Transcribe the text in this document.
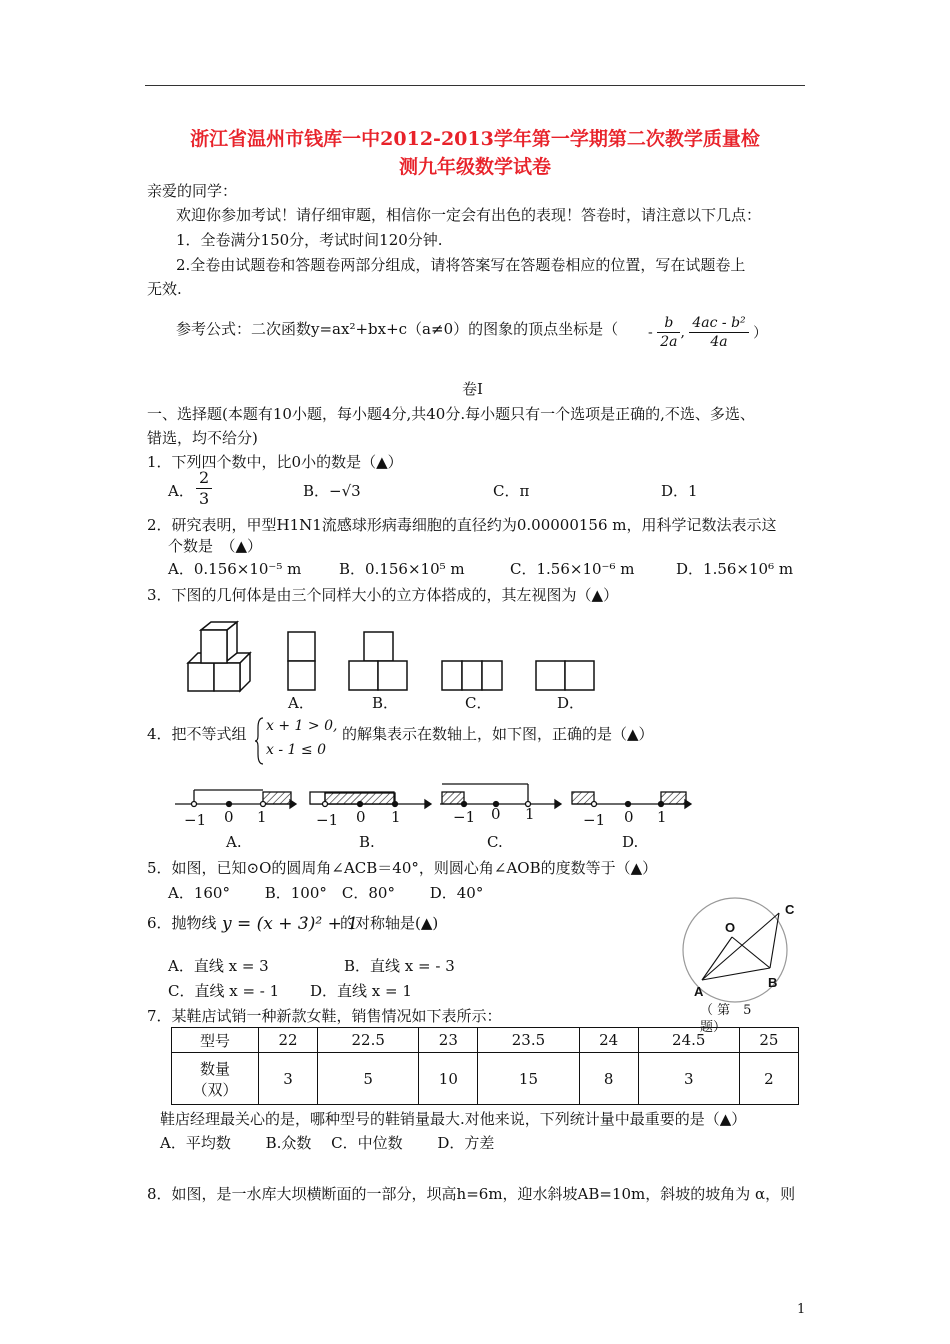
浙江省温州市钱库一中2012-2013学年第一学期第二次教学质量检
测九年级数学试卷
亲爱的同学：
欢迎你参加考试！请仔细审题，相信你一定会有出色的表现！答卷时，请注意以下几点：
1．全卷满分150分，考试时间120分钟.
2.全卷由试题卷和答题卷两部分组成，请将答案写在答题卷相应的位置，写在试题卷上
无效.
参考公式：二次函数y=ax²+bx+c（a≠0）的图象的顶点坐标是（ - $\frac{b}{2a}$ , $\frac{\text{4ac - b²}}{4a}$ ）
卷I
一、选择题(本题有10小题，每小题4分,共40分.每小题只有一个选项是正确的,不选、多选、
错选，均不给分)
1．下列四个数中，比0小的数是（▲）
A． $\frac{2}{3}$	B．−√3	C．π	D．1
2．研究表明，甲型H1N1流感球形病毒细胞的直径约为0.00000156 m，用科学记数法表示这
个数是　（▲）
A．0.156×10⁻⁵ m	B．0.156×10⁵ m	C．1.56×10⁻⁶ m	D．1.56×10⁶ m
3．下图的几何体是由三个同样大小的立方体搭成的，其左视图为（▲）
A．	B．	C．	D．
4．把不等式组 x + 1 > 0,
x - 1 ≤ 0
的解集表示在数轴上，如下图，正确的是（▲）
−1 0 1	−1 0 1	−1 0 1	−1 0 1
A.	B.	C.	D.
5．如图，已知⊙O的圆周角∠ACB＝40°，则圆心角∠AOB的度数等于（▲）
A．160°　　 B．100°　C．80°　　 D．40°
6．抛物线 y = (x + 3)² + 1
的对称轴是(▲)
A．直线 x = 3	B．直线 x = - 3
C．直线 x = - 1 D．直线 x = 1
O
C
A
B
（ 第　5
题）
7．某鞋店试销一种新款女鞋，销售情况如下表所示：
型号	22	22.5	23	23.5	24	24.5	25

数量
（双）	3	5	10	15	8	3	2
鞋店经理最关心的是，哪种型号的鞋销量最大.对他来说，下列统计量中最重要的是（▲）
A．平均数　　 B.众数　 C．中位数　　 D．方差
8．如图，是一水库大坝横断面的一部分，坝高h=6m，迎水斜坡AB=10m，斜坡的坡角为 α，则
1
